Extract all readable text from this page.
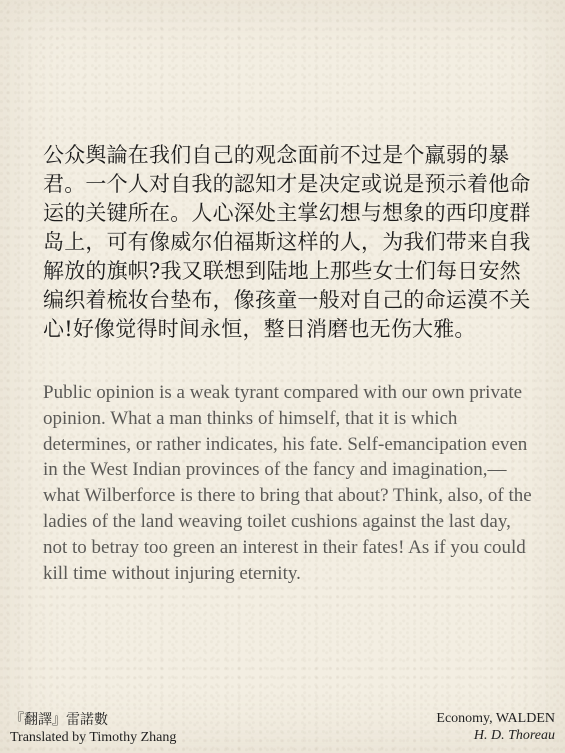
公众舆論在我们自己的观念面前不过是个羸弱的暴君。一个人对自我的認知才是决定或说是预示着他命运的关键所在。人心深处主掌幻想与想象的西印度群岛上，可有像威尔伯福斯这样的人，为我们带来自我解放的旗帜?我又联想到陆地上那些女士们每日安然编织着梳妆台垫布，像孩童一般对自己的命运漠不关心!好像觉得时间永恒，整日消磨也无伤大雅。

Public opinion is a weak tyrant compared with our own private opinion. What a man thinks of himself, that it is which determines, or rather indicates, his fate. Self-emancipation even in the West Indian provinces of the fancy and imagination,—what Wilberforce is there to bring that about? Think, also, of the ladies of the land weaving toilet cushions against the last day, not to betray too green an interest in their fates! As if you could kill time without injuring eternity.

『翻譯』雷諾數
Translated by Timothy Zhang
Economy, WALDEN
H. D. Thoreau
